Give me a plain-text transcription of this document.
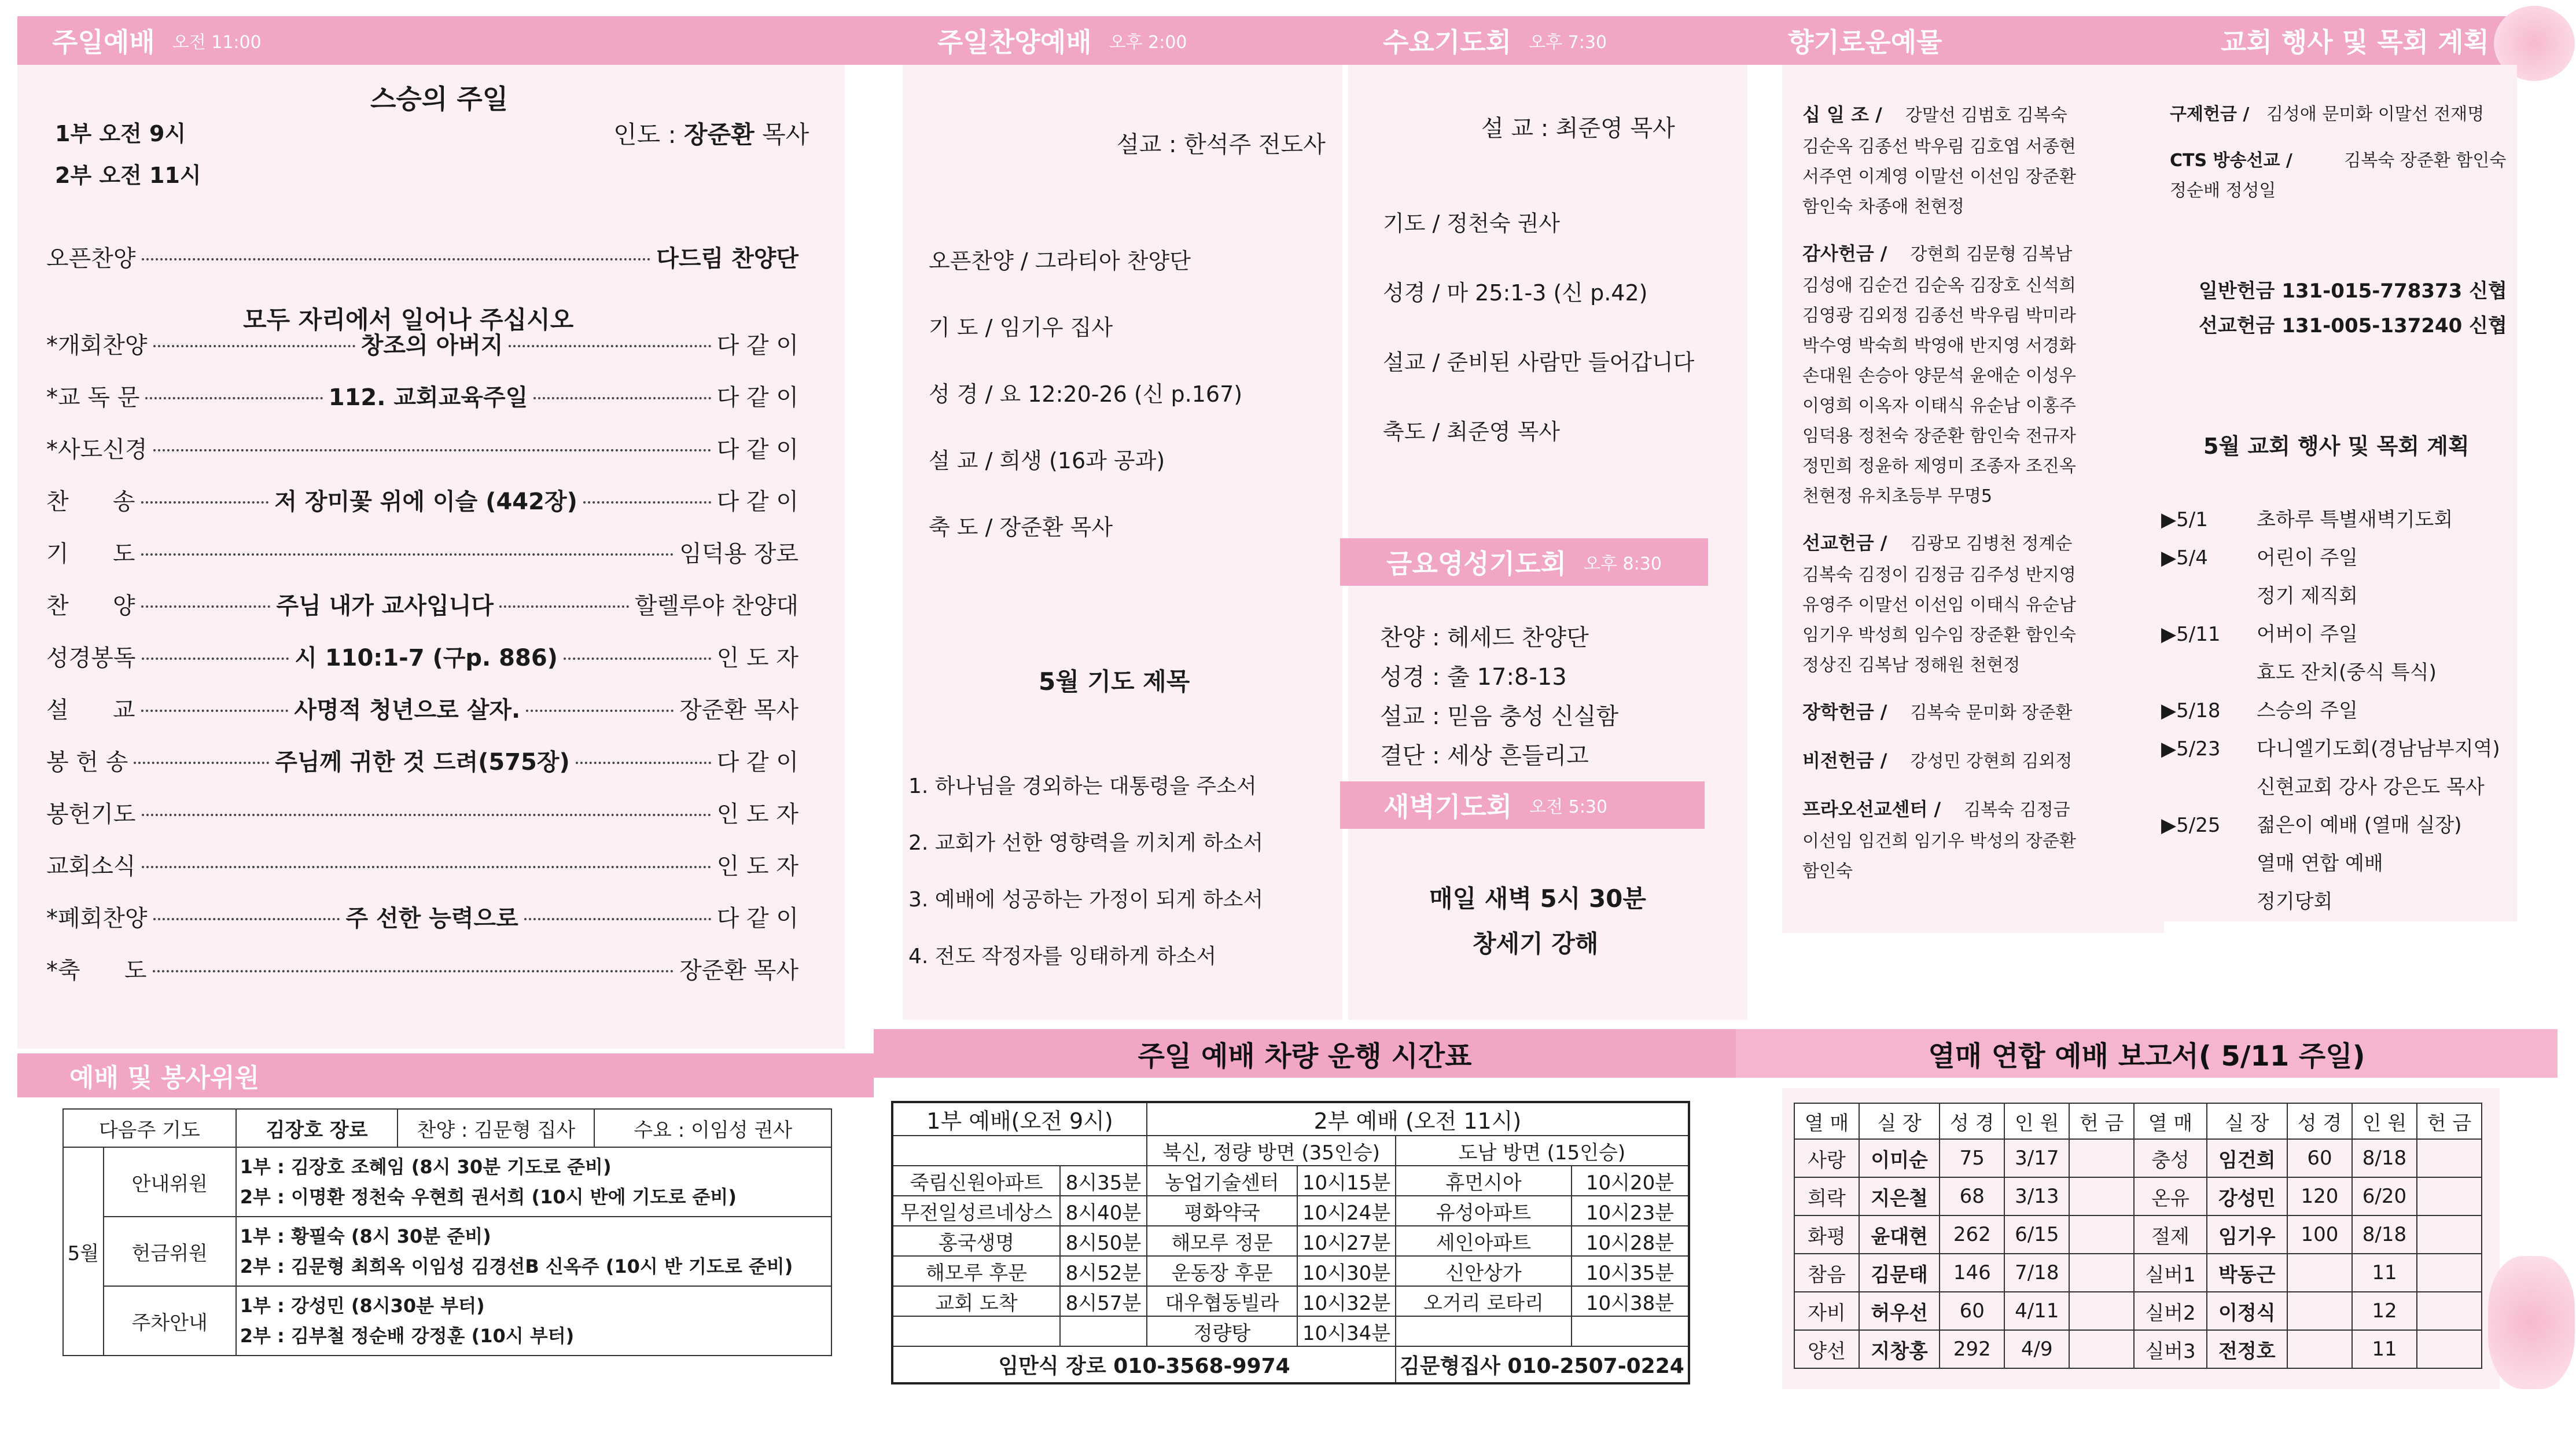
주일예배 오전 11:00	주일찬양예배 오후 2:00	수요기도회 오후 7:30	향기로운예물	교회 행사 및 목회 계획
스승의 주일
1부 오전 9시
2부 오전 11시
인도 : 장준환 목사
모두 자리에서 일어나 주십시오
오픈찬양	다드림 찬양단
*개회찬양	창조의 아버지	다 같 이
*교 독 문	112. 교회교육주일	다 같 이
*사도신경	다 같 이
찬      송	저 장미꽃 위에 이슬 (442장)	다 같 이
기      도	임덕용 장로
찬      양	주님 내가 교사입니다	할렐루야 찬양대
성경봉독	시 110:1-7 (구p. 886)	인 도 자
설      교	사명적 청년으로 살자.	장준환 목사
봉 헌 송	주님께 귀한 것 드려(575장)	다 같 이
봉헌기도	인 도 자
교회소식	인 도 자
*폐회찬양	주 선한 능력으로	다 같 이
*축      도	장준환 목사
설교 : 한석주 전도사
오픈찬양 / 그라티아 찬양단
기 도 / 임기우 집사
성 경 / 요 12:20-26 (신 p.167)
설 교 / 희생 (16과 공과)
축 도 / 장준환 목사
5월 기도 제목
1. 하나님을 경외하는 대통령을 주소서
2. 교회가 선한 영향력을 끼치게 하소서
3. 예배에 성공하는 가정이 되게 하소서
4. 전도 작정자를 잉태하게 하소서
설 교 : 최준영 목사
기도 / 정천숙 권사
성경 / 마 25:1-3 (신 p.42)
설교 / 준비된 사람만 들어갑니다
축도 / 최준영 목사
금요영성기도회 오후 8:30
찬양 : 헤세드 찬양단
성경 : 출 17:8-13
설교 : 믿음 충성 신실함
결단 : 세상 흔들리고
새벽기도회 오전 5:30
매일 새벽 5시 30분
창세기 강해
십 일 조 / 강말선 김범호 김복숙
김순옥 김종선 박우림 김호엽 서종현
서주연 이계영 이말선 이선임 장준환
함인숙 차종애 천현정
감사헌금 / 강현희 김문형 김복남
김성애 김순건 김순옥 김장호 신석희
김영광 김외정 김종선 박우림 박미라
박수영 박숙희 박영애 반지영 서경화
손대원 손승아 양문석 윤애순 이성우
이영희 이옥자 이태식 유순남 이홍주
임덕용 정천숙 장준환 함인숙 전규자
정민희 정윤하 제영미 조종자 조진옥
천현정 유치초등부 무명5
선교헌금 / 김광모 김병천 정계순
김복숙 김정이 김정금 김주성 반지영
유영주 이말선 이선임 이태식 유순남
임기우 박성희 임수임 장준환 함인숙
정상진 김복남 정해원 천현정
장학헌금 / 김복숙 문미화 장준환
비전헌금 / 강성민 강현희 김외정
프라오선교센터 / 김복숙 김정금
이선임 임건희 임기우 박성의 장준환
함인숙
구제헌금 / 김성애 문미화 이말선 전재명
CTS 방송선교 /	김복숙 장준환 함인숙
정순배 정성일
일반헌금 131-015-778373 신협
선교헌금 131-005-137240 신협
5월 교회 행사 및 목회 계획
▶5/1 초하루 특별새벽기도회
▶5/4 어린이 주일
정기 제직회
▶5/11 어버이 주일
효도 잔치(중식 특식)
▶5/18 스승의 주일
▶5/23 다니엘기도회(경남남부지역)
신현교회 강사 강은도 목사
▶5/25 젊은이 예배 (열매 실장)
열매 연합 예배
정기당회
예배 및 봉사위원
다음주 기도		김장호 장로	찬양 : 김문형 집사	수요 : 이임성 권사
5월	안내위원	1부 : 김장호 조혜임 (8시 30분 기도로 준비)
2부 : 이명환 정천숙 우현희 권서희 (10시 반에 기도로 준비)		

	헌금위원	1부 : 황필숙 (8시 30분 준비)
2부 : 김문형 최희옥 이임성 김경선B 신옥주 (10시 반 기도로 준비)		

	주차안내	1부 : 강성민 (8시30분 부터)
2부 : 김부철 정순배 강정훈 (10시 부터)		
주일 예배 차량 운행 시간표
1부 예배(오전 9시)		2부 예배 (오전 11시)			
		북신, 정량 방면 (35인승)		도남 방면 (15인승)	
죽림신원아파트	8시35분	농업기술센터	10시15분	휴먼시아	10시20분
무전일성르네상스	8시40분	평화약국	10시24분	유성아파트	10시23분
홍국생명	8시50분	해모루 정문	10시27분	세인아파트	10시28분
해모루 후문	8시52분	운동장 후문	10시30분	신안상가	10시35분
교회 도착	8시57분	대우협동빌라	10시32분	오거리 로타리	10시38분
		정량탕	10시34분		
임만식 장로 010-3568-9974				김문형집사 010-2507-0224	
열매 연합 예배 보고서( 5/11 주일)
열 매	실 장	성 경	인 원	헌 금	열 매	실 장	성 경	인 원	헌 금
사랑	이미순	75	3/17		충성	임건희	60	8/18	
희락	지은철	68	3/13		온유	강성민	120	6/20	
화평	윤대현	262	6/15		절제	임기우	100	8/18	
참음	김문태	146	7/18		실버1	박동근		11	
자비	허우선	60	4/11		실버2	이정식		12	
양선	지창홍	292	4/9		실버3	전정호		11	
